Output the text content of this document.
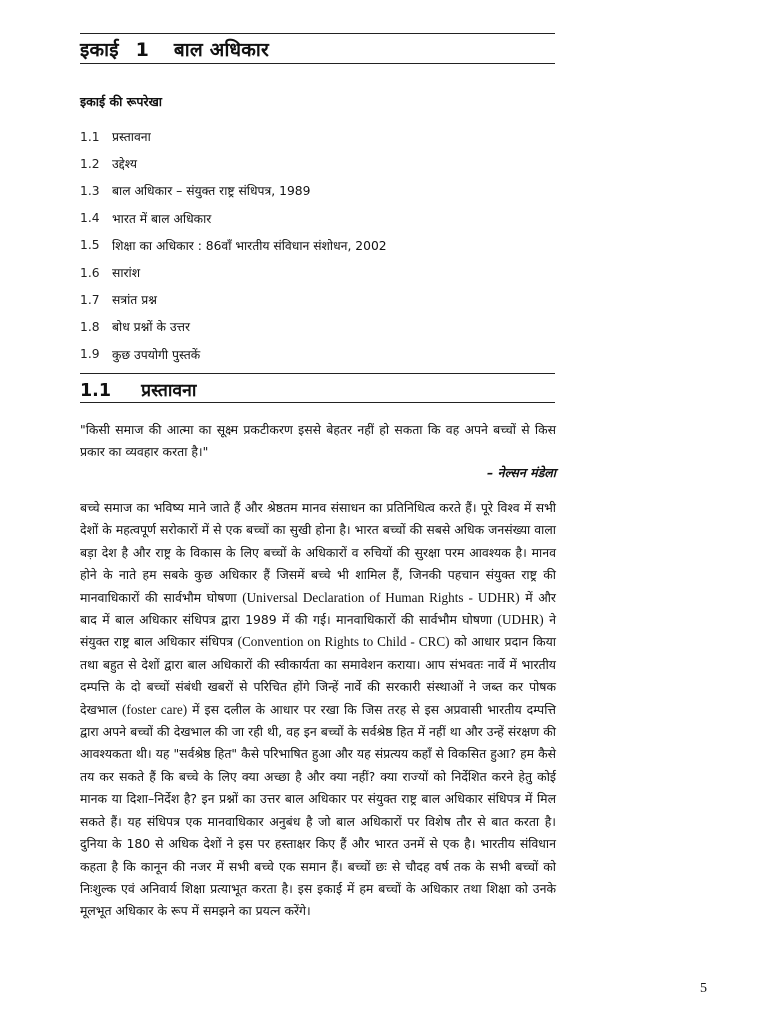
इकाई 1 बाल अधिकार
इकाई की रूपरेखा
1.1	प्रस्तावना
1.2	उद्देश्य
1.3	बाल अधिकार – संयुक्त राष्ट्र संधिपत्र, 1989
1.4	भारत में बाल अधिकार
1.5	शिक्षा का अधिकार : 86वाँ भारतीय संविधान संशोधन, 2002
1.6	सारांश
1.7	सत्रांत प्रश्न
1.8	बोध प्रश्नों के उत्तर
1.9	कुछ उपयोगी पुस्तकें
1.1 प्रस्तावना
"किसी समाज की आत्मा का सूक्ष्म प्रकटीकरण इससे बेहतर नहीं हो सकता कि वह अपने बच्चों से किस प्रकार का व्यवहार करता है।"
– नेल्सन मंडेला

बच्चे समाज का भविष्य माने जाते हैं और श्रेष्ठतम मानव संसाधन का प्रतिनिधित्व करते हैं। पूरे विश्व में सभी देशों के महत्वपूर्ण सरोकारों में से एक बच्चों का सुखी होना है। भारत बच्चों की सबसे अधिक जनसंख्या वाला बड़ा देश है और राष्ट्र के विकास के लिए बच्चों के अधिकारों व रुचियों की सुरक्षा परम आवश्यक है। मानव होने के नाते हम सबके कुछ अधिकार हैं जिसमें बच्चे भी शामिल हैं, जिनकी पहचान संयुक्त राष्ट्र की मानवाधिकारों की सार्वभौम घोषणा (Universal Declaration of Human Rights - UDHR) में और बाद में बाल अधिकार संधिपत्र द्वारा 1989 में की गई। मानवाधिकारों की सार्वभौम घोषणा (UDHR) ने संयुक्त राष्ट्र बाल अधिकार संधिपत्र (Convention on Rights to Child - CRC) को आधार प्रदान किया तथा बहुत से देशों द्वारा बाल अधिकारों की स्वीकार्यता का समावेशन कराया। आप संभवतः नार्वे में भारतीय दम्पत्ति के दो बच्चों संबंधी खबरों से परिचित होंगे जिन्हें नार्वे की सरकारी संस्थाओं ने जब्त कर पोषक देखभाल (foster care) में इस दलील के आधार पर रखा कि जिस तरह से इस अप्रवासी भारतीय दम्पत्ति द्वारा अपने बच्चों की देखभाल की जा रही थी, वह इन बच्चों के सर्वश्रेष्ठ हित में नहीं था और उन्हें संरक्षण की आवश्यकता थी। यह "सर्वश्रेष्ठ हित" कैसे परिभाषित हुआ और यह संप्रत्यय कहाँ से विकसित हुआ? हम कैसे तय कर सकते हैं कि बच्चे के लिए क्या अच्छा है और क्या नहीं? क्या राज्यों को निर्देशित करने हेतु कोई मानक या दिशा–निर्देश है? इन प्रश्नों का उत्तर बाल अधिकार पर संयुक्त राष्ट्र बाल अधिकार संधिपत्र में मिल सकते हैं। यह संधिपत्र एक मानवाधिकार अनुबंध है जो बाल अधिकारों पर विशेष तौर से बात करता है। दुनिया के 180 से अधिक देशों ने इस पर हस्ताक्षर किए हैं और भारत उनमें से एक है। भारतीय संविधान कहता है कि कानून की नजर में सभी बच्चे एक समान हैं। बच्चों छः से चौदह वर्ष तक के सभी बच्चों को निःशुल्क एवं अनिवार्य शिक्षा प्रत्याभूत करता है। इस इकाई में हम बच्चों के अधिकार तथा शिक्षा को उनके मूलभूत अधिकार के रूप में समझने का प्रयत्न करेंगे।

5
